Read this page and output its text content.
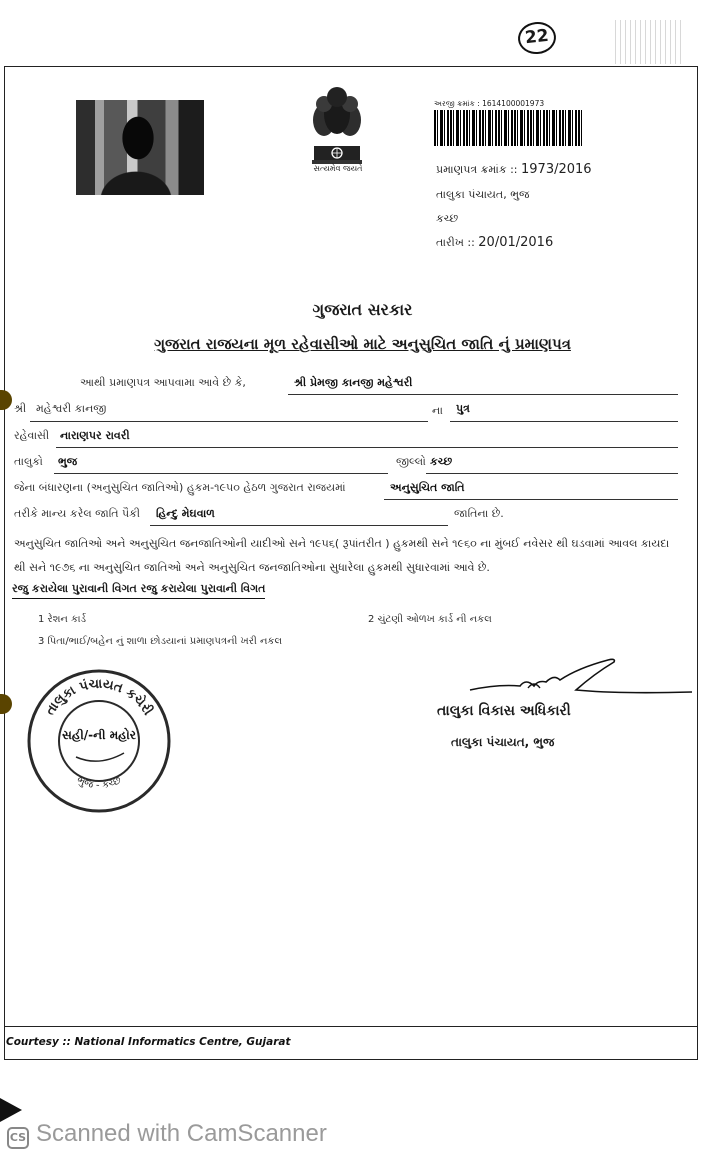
22
સત્યમેવ જયતે
અરજી ક્રમાંક : 1614100001973
પ્રમાણપત્ર ક્રમાંક :: 1973/2016
તાલુકા પંચાયત, ભુજ
કચ્છ
તારીખ :: 20/01/2016
ગુજરાત સરકાર
ગુજરાત રાજયના મૂળ રહેવાસીઓ માટે અનુસુચિત જાતિ નું પ્રમાણપત્ર
આથી પ્રમાણપત્ર આપવામા આવે છે કે,	શ્રી પ્રેમજી કાનજી મહેશ્વરી
શ્રી મહેશ્વરી કાનજી	ના પુત્ર
રહેવાસી નારાણપર રાવરી
તાલુકો ભુજ	જીલ્લો કચ્છ
જેના બંધારણના (અનુસુચિત જાતિઓ) હુકમ-૧૯૫૦ હેઠળ ગુજરાત રાજયમાં	અનુસુચિત જાતિ
તરીકે માન્ય કરેલ જાતિ પૈકી હિન્દુ મેઘવાળ	જાતિના છે.
અનુસુચિત જાતિઓ અને અનુસુચિત જનજાતિઓની યાદીઓ સને ૧૯૫૬( રૂપાંતરીત ) હુકમથી સને ૧૯૬૦ ના મુંબઈ નવેસર થી ઘડવામાં આવલ કાયદા થી સને ૧૯૭૬ ના અનુસુચિત જાતિઓ અને અનુસુચિત જનજાતિઓના સુધારેલા હુકમથી સુધારવામાં આવે છે.
રજુ કરાયેલા પુરાવાની વિગત રજુ કરાયેલા પુરાવાની વિગત
1 રેશન કાર્ડ	2 ચુંટણી ઓળખ કાર્ડ ની નકલ
3 પિતા/ભાઈ/બહેન નું શાળા છોડયાનાં પ્રમાણપત્રની ખરી નકલ
તાલુકા પંચાયત કચેરી
સહી/-ની મહોર
ભુજ - કચ્છ
તાલુકા વિકાસ અધિકારી
તાલુકા પંચાયત, ભુજ
Courtesy :: National Informatics Centre, Gujarat
CS Scanned with CamScanner
